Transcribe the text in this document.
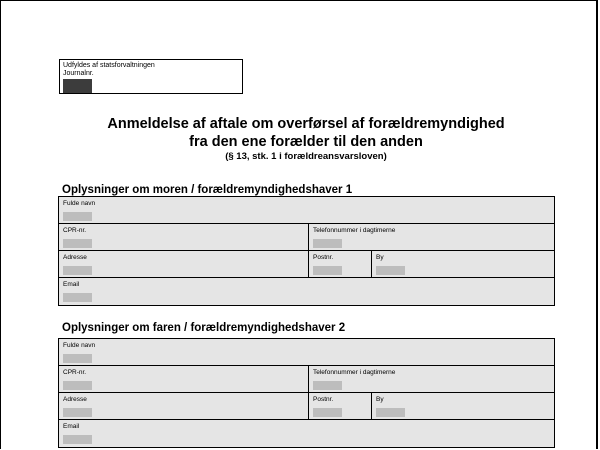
Udfyldes af statsforvaltningen
Journalnr.
Anmeldelse af aftale om overførsel af forældremyndighed
fra den ene forælder til den anden
(§ 13, stk. 1 i forældreansvarsloven)
Oplysninger om moren / forældremyndighedshaver 1
Fulde navn
CPR-nr.	Telefonnummer i dagtimerne
Adresse	Postnr.	By
Email
Oplysninger om faren / forældremyndighedshaver 2
Fulde navn
CPR-nr.	Telefonnummer i dagtimerne
Adresse	Postnr.	By
Email
